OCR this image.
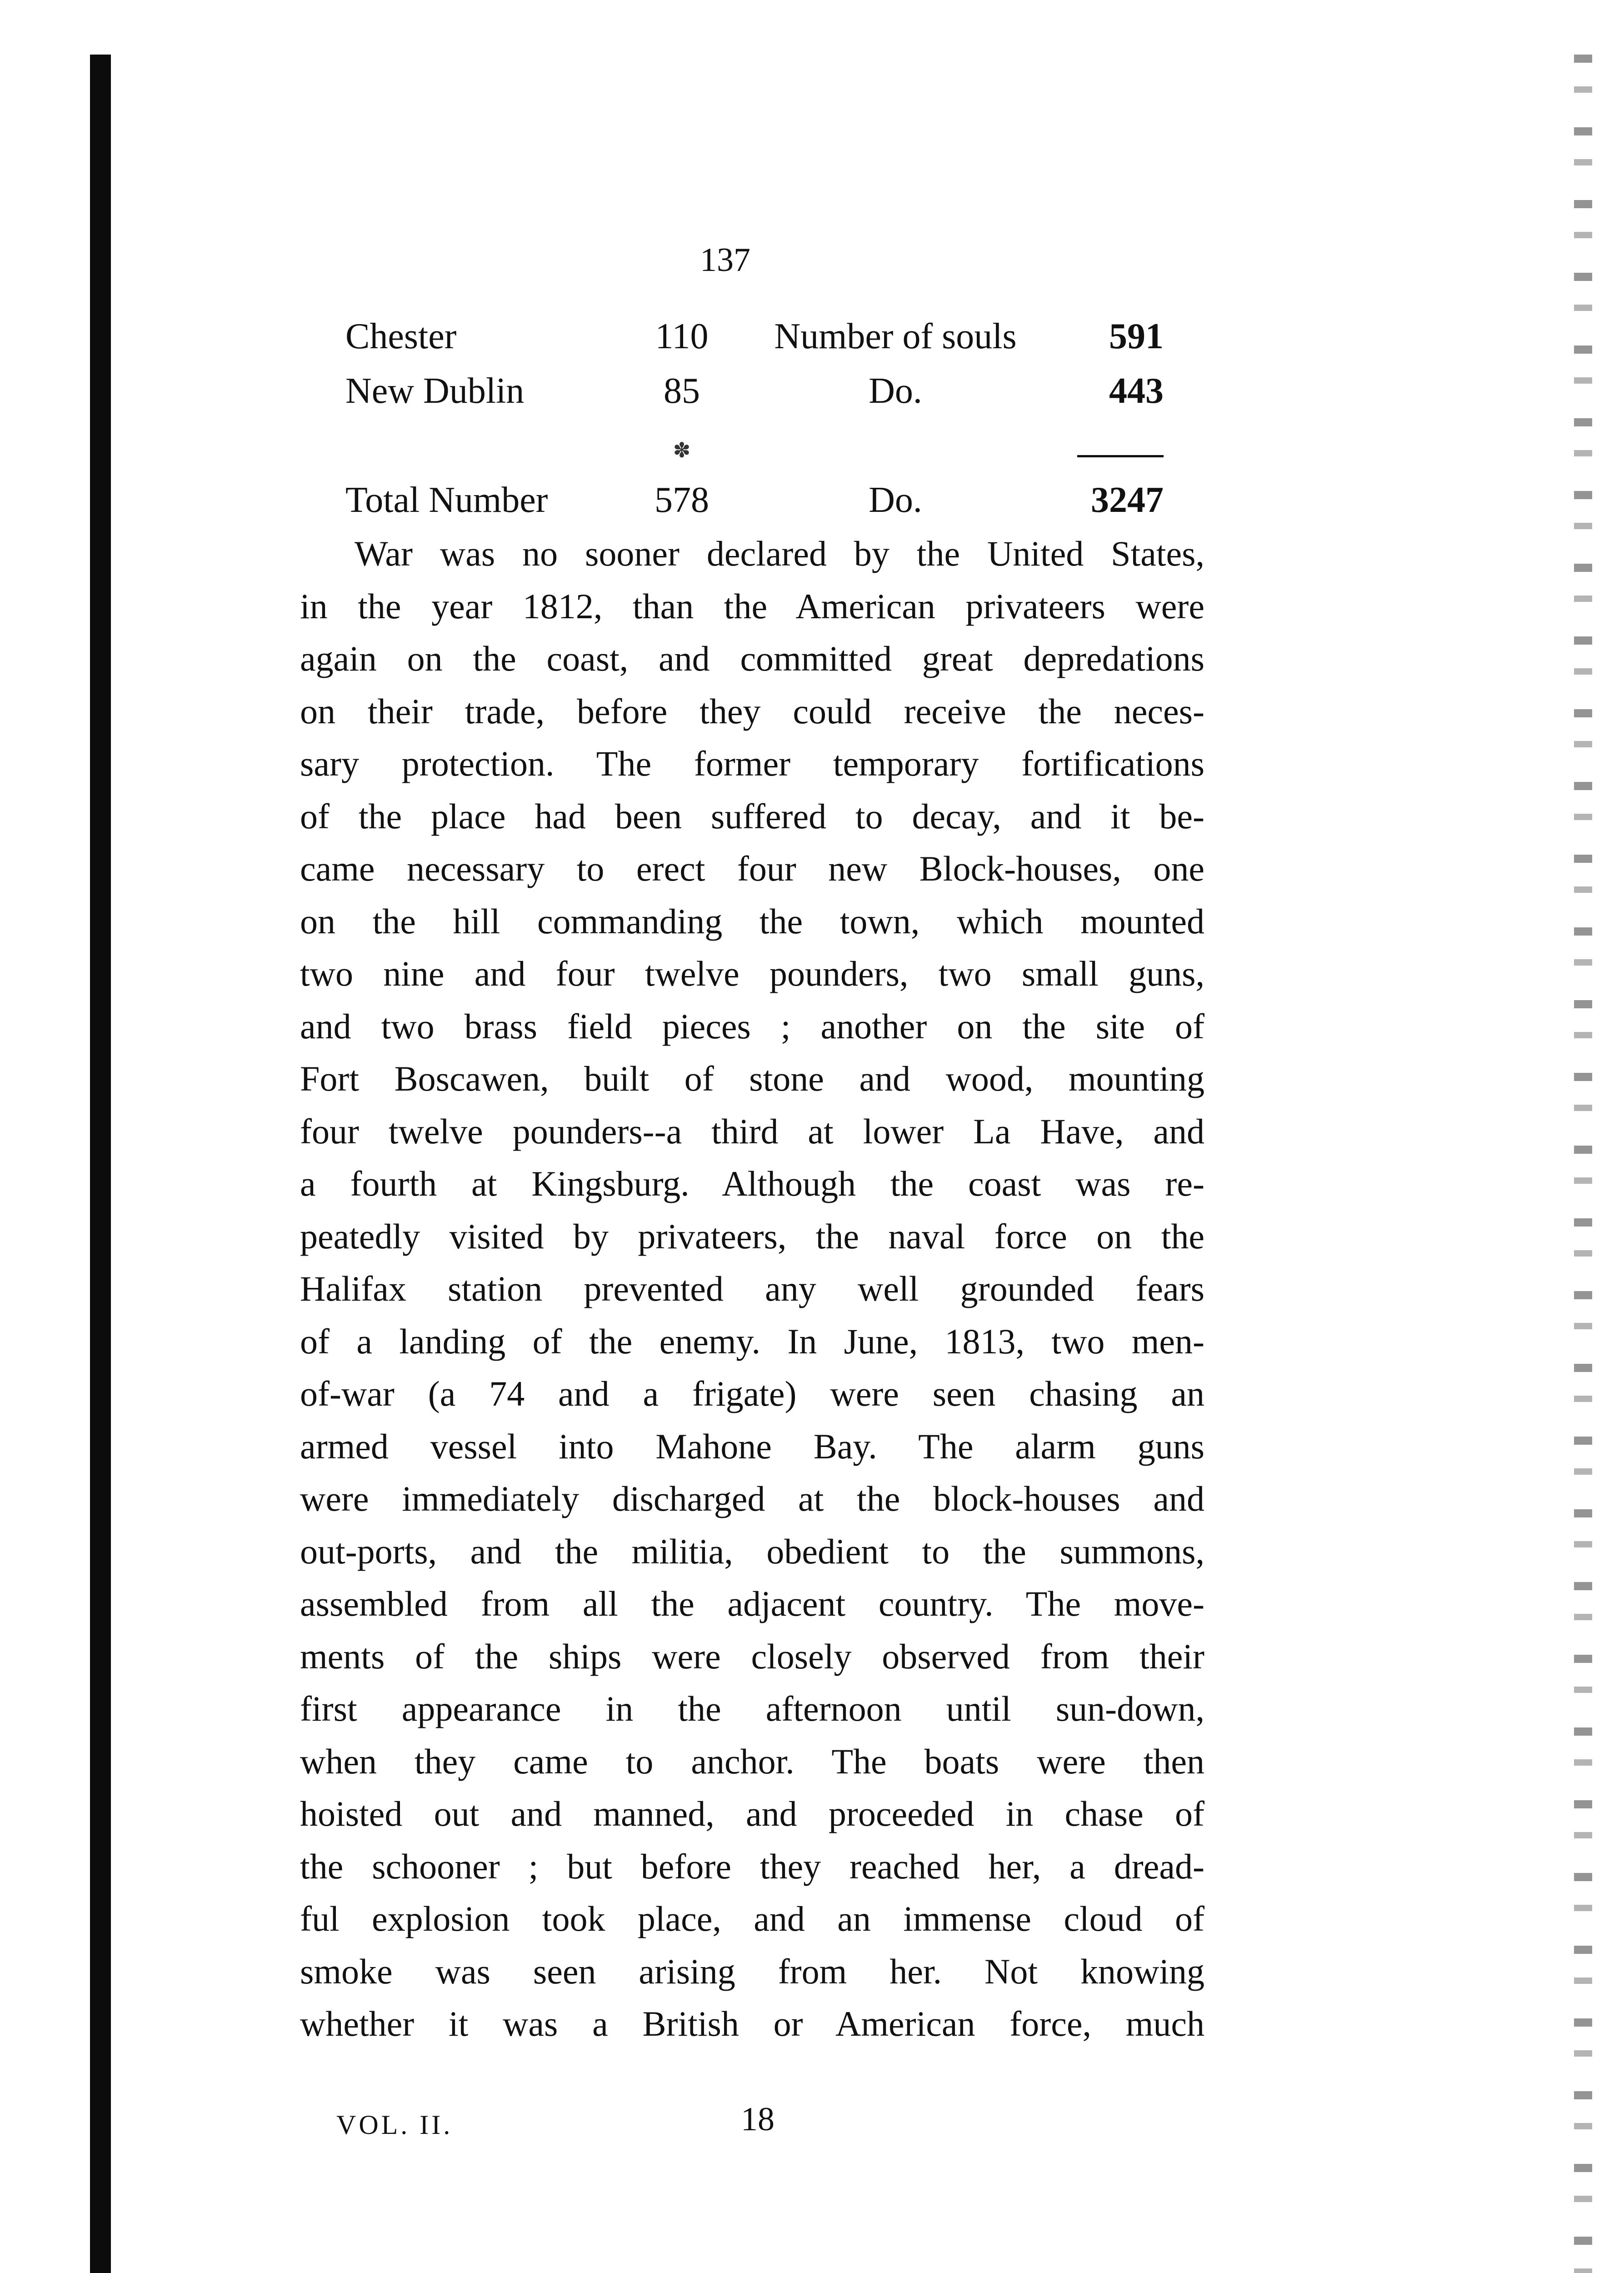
137
Chester	110	Number of souls	591
New Dublin	85	Do.	443
	✽		
Total Number	578	Do.	3247
War was no sooner declared by the United States,
in the year 1812, than the American privateers were
again on the coast, and committed great depredations
on their trade, before they could receive the neces-
sary protection. The former temporary fortifications
of the place had been suffered to decay, and it be-
came necessary to erect four new Block-houses, one
on the hill commanding the town, which mounted
two nine and four twelve pounders, two small guns,
and two brass field pieces ; another on the site of
Fort Boscawen, built of stone and wood, mounting
four twelve pounders--a third at lower La Have, and
a fourth at Kingsburg. Although the coast was re-
peatedly visited by privateers, the naval force on the
Halifax station prevented any well grounded fears
of a landing of the enemy. In June, 1813, two men-
of-war (a 74 and a frigate) were seen chasing an
armed vessel into Mahone Bay. The alarm guns
were immediately discharged at the block-houses and
out-ports, and the militia, obedient to the summons,
assembled from all the adjacent country. The move-
ments of the ships were closely observed from their
first appearance in the afternoon until sun-down,
when they came to anchor. The boats were then
hoisted out and manned, and proceeded in chase of
the schooner ; but before they reached her, a dread-
ful explosion took place, and an immense cloud of
smoke was seen arising from her. Not knowing
whether it was a British or American force, much
VOL. II.	18
